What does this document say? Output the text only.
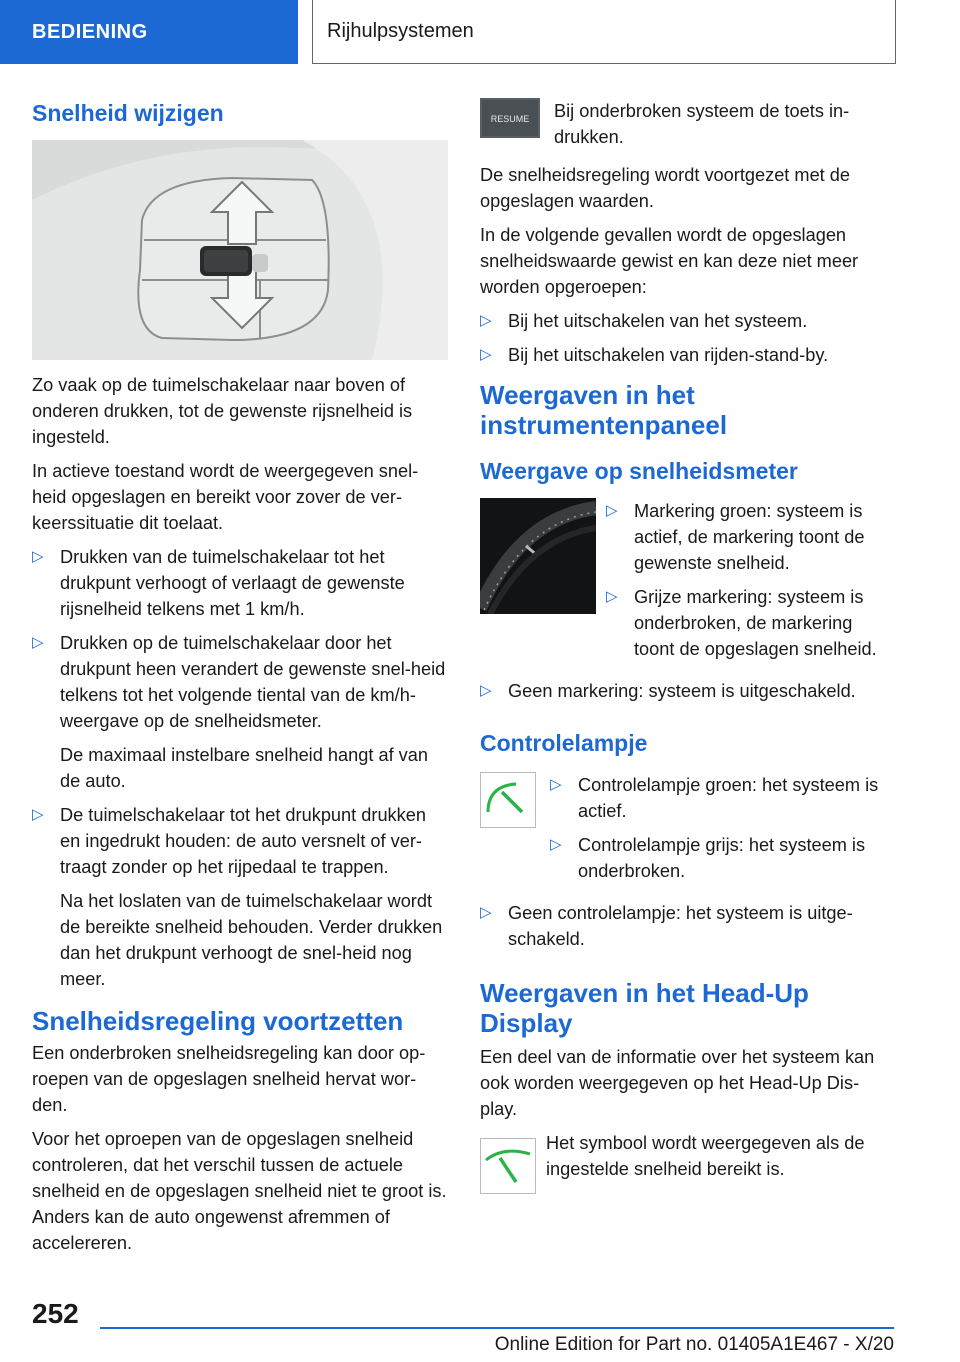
BEDIENING	Rijhulpsystemen
Snelheid wijzigen

Zo vaak op de tuimelschakelaar naar boven of onderen drukken, tot de gewenste rijsnelheid is ingesteld.

In actieve toestand wordt de weergegeven snel-heid opgeslagen en bereikt voor zover de ver-keerssituatie dit toelaat.

▷ Drukken van de tuimelschakelaar tot het drukpunt verhoogt of verlaagt de gewenste rijsnelheid telkens met 1 km/h.

▷ Drukken op de tuimelschakelaar door het drukpunt heen verandert de gewenste snel-heid telkens tot het volgende tiental van de km/h-weergave op de snelheidsmeter.

De maximaal instelbare snelheid hangt af van de auto.

▷ De tuimelschakelaar tot het drukpunt drukken en ingedrukt houden: de auto versnelt of ver-traagt zonder op het rijpedaal te trappen.

Na het loslaten van de tuimelschakelaar wordt de bereikte snelheid behouden. Verder drukken dan het drukpunt verhoogt de snel-heid nog meer.

Snelheidsregeling voortzetten

Een onderbroken snelheidsregeling kan door op-roepen van de opgeslagen snelheid hervat wor-den.

Voor het oproepen van de opgeslagen snelheid controleren, dat het verschil tussen de actuele snelheid en de opgeslagen snelheid niet te groot is. Anders kan de auto ongewenst afremmen of accelereren.

RESUME Bij onderbroken systeem de toets in-drukken.

De snelheidsregeling wordt voortgezet met de opgeslagen waarden.

In de volgende gevallen wordt de opgeslagen snelheidswaarde gewist en kan deze niet meer worden opgeroepen:

▷ Bij het uitschakelen van het systeem.
▷ Bij het uitschakelen van rijden-stand-by.
Weergaven in het instrumentenpaneel
Weergave op snelheidsmeter
▷ Markering groen: systeem is actief, de markering toont de gewenste snelheid.
▷ Grijze markering: systeem is onderbroken, de markering toont de opgeslagen snelheid.
▷ Geen markering: systeem is uitgeschakeld.
Controlelampje
▷ Controlelampje groen: het systeem is actief.
▷ Controlelampje grijs: het systeem is onderbroken.
▷ Geen controlelampje: het systeem is uitge-schakeld.
Weergaven in het Head-Up Display

Een deel van de informatie over het systeem kan ook worden weergegeven op het Head-Up Dis-play.

Het symbool wordt weergegeven als de ingestelde snelheid bereikt is.

252
Online Edition for Part no. 01405A1E467 - X/20
